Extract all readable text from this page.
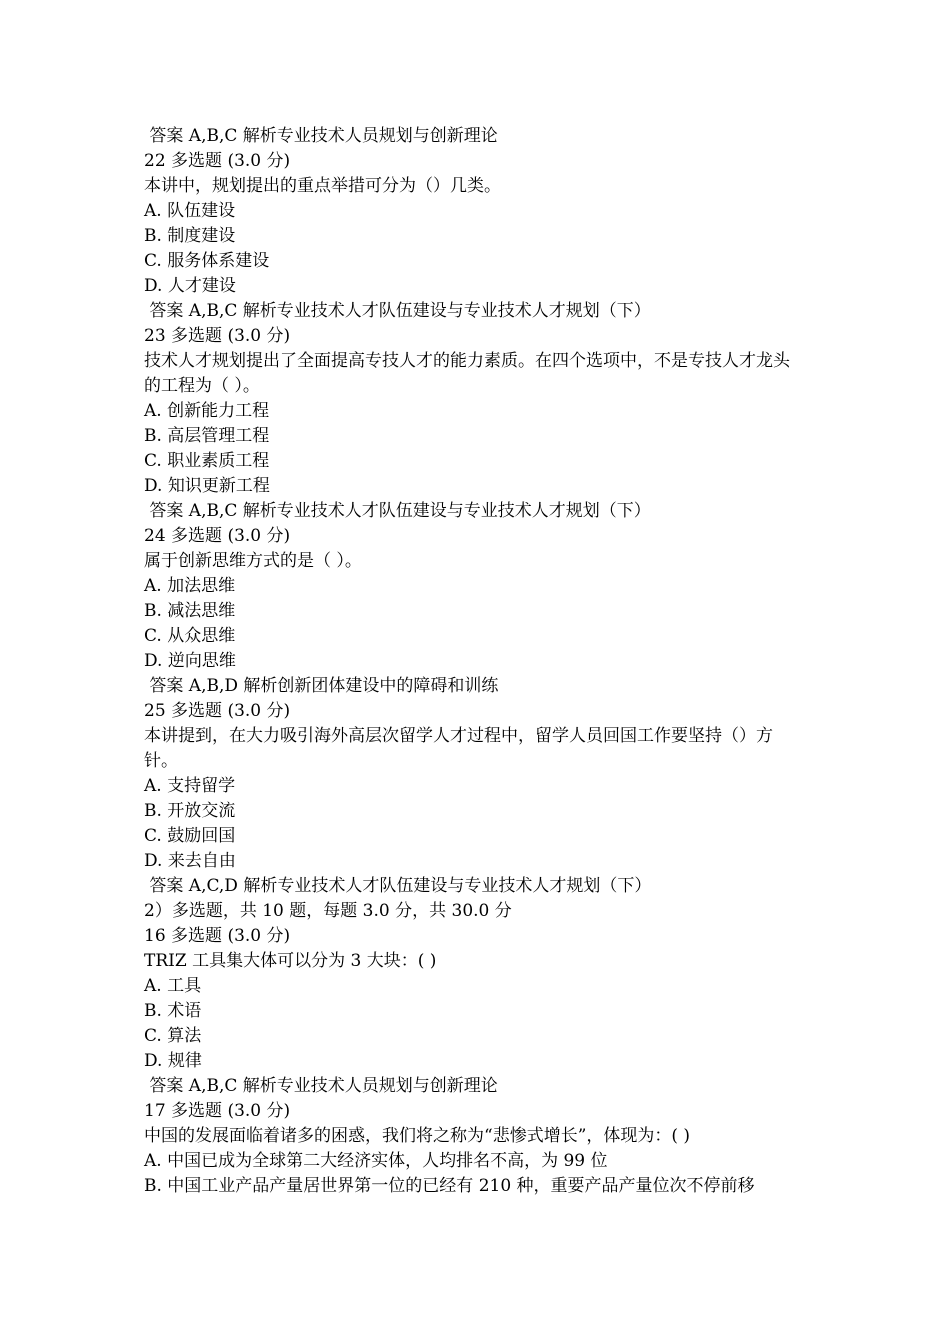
答案 A,B,C 解析专业技术人员规划与创新理论

22 多选题 (3.0 分)

本讲中，规划提出的重点举措可分为（）几类。

A. 队伍建设

B. 制度建设

C. 服务体系建设

D. 人才建设

答案 A,B,C 解析专业技术人才队伍建设与专业技术人才规划（下）

23 多选题 (3.0 分)

技术人才规划提出了全面提高专技人才的能力素质。在四个选项中，不是专技人才龙头的工程为（ ）。

A. 创新能力工程

B. 高层管理工程

C. 职业素质工程

D. 知识更新工程

答案 A,B,C 解析专业技术人才队伍建设与专业技术人才规划（下）

24 多选题 (3.0 分)

属于创新思维方式的是（ ）。

A. 加法思维

B. 减法思维

C. 从众思维

D. 逆向思维

答案 A,B,D 解析创新团体建设中的障碍和训练

25 多选题 (3.0 分)

本讲提到，在大力吸引海外高层次留学人才过程中，留学人员回国工作要坚持（）方针。

A. 支持留学

B. 开放交流

C. 鼓励回国

D. 来去自由

答案 A,C,D 解析专业技术人才队伍建设与专业技术人才规划（下）

2）多选题，共 10 题，每题 3.0 分，共 30.0 分

16 多选题 (3.0 分)

TRIZ 工具集大体可以分为 3 大块：( )

A. 工具

B. 术语

C. 算法

D. 规律

答案 A,B,C 解析专业技术人员规划与创新理论

17 多选题 (3.0 分)

中国的发展面临着诸多的困惑，我们将之称为“悲惨式增长”，体现为：( )

A. 中国已成为全球第二大经济实体，人均排名不高，为 99 位

B. 中国工业产品产量居世界第一位的已经有 210 种，重要产品产量位次不停前移
